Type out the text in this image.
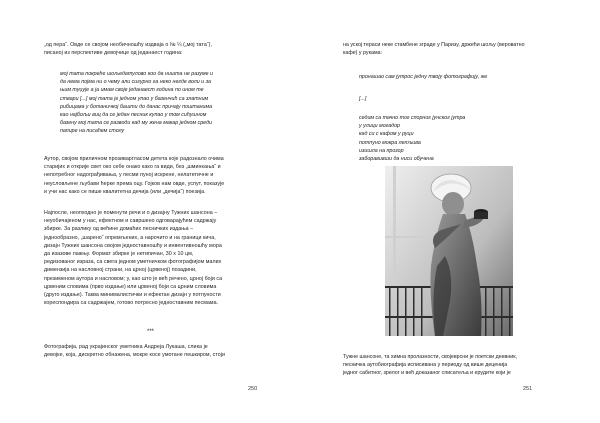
„од пера“. Овде се својом необичношћу издваја о № ¼ („мој тата“),
писаној из перспективе девојчице од једанаест година:
мој тата покреће шољедатулово коо да ништа не разуме и
да нема појма ни о чему али сигурно га неко негде воли и за
њим туџуje a ja имам своје једанаест година по ином те
ствари [...] мој тата је једном упао у базенчић са златним
рибицама у ботаничкој башти до данас причају поштанима
као најбољи виц да се један песник купао у том сићушном
базену мој тата се разводи кад му жена макар једном среди
папире на писаћем столу
Аутор, својом приличном прозиваргласом детета које радознало очима
старијих и открије свет око себе онако како га види, без „шминкања“ и
непотребног надограђивања, у песми пуној искрене, нелатетичне и
неусловљене љубави ћерке према оцу. Гојков нам овде, успут, показује
и учи нас како се пише квалитетна дечија (или „дечија“) поезија.
Најпосле, неопходно је поменути речи и о дизајну Тужних шансона –
неуобичајеном у нас, ефектном и савршено одговарајућем садржају
збирке. За разлику од већине домаћих песничких издања –
једнообразно, „шарено“ опремљених, а нарочито и на граници кича,
дизајн Тужних шансона својом једноставношћу и инвентивношћу мора
да изазове пажњу. Формат збирке је нетипичан, 30 x 10 цм,
редизованог израза, са свега једном уметничком фотографијом малих
димензија на насловној страни, на црној (црвеној) позадини,
презименом аутора и насловом; у, као што је већ речено, црној боји са
црвеним словима (прво издање) или црвеној боји са црним словима
(друго издање). Таква минималистички и ефектан дизајн у потпуности
кореспондира са садржајем, готово потресно једноставним песмама.
***
Фотографија, рад украјинског уметника Андреја Лукаша, слика је
девојке, која, дискретно обнажена, мокре косе умотане пешкиром, стоји
250
на уској тераси неке стамбене зграде у Паризу, држећи шољу (вероватно
кафе) у рукама:
пронашао сам јутрос једну твоју фотографију, же
[...]
седим са тачно тог спорног јунског јутра
у улици могадор
кад си с кафом у руци
потпуно мокра лепљива
изишла на прозор
заборавивши да ниси обучена
Тужне шансоне, та химна пролазности, својеврсни је поетски дневник,
песничка аутобиографија исписивана у периоду од више деценија
једног сабитног, зрелог и већ доказаног списатеља и ерудите који је
251
